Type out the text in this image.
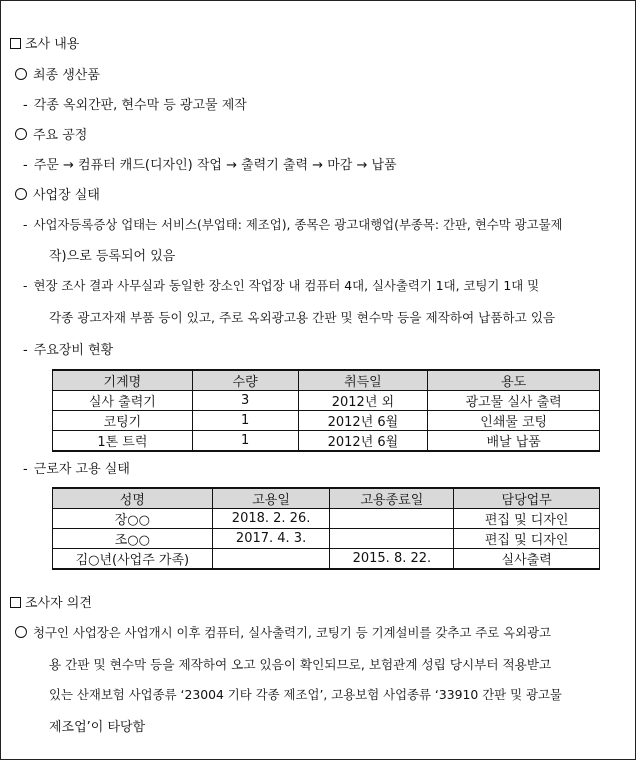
조사 내용
최종 생산품
- 각종 옥외간판, 현수막 등 광고물 제작
주요 공정
- 주문 → 컴퓨터 캐드(디자인) 작업 → 출력기 출력 → 마감 → 납품
사업장 실태
- 사업자등록증상 업태는 서비스(부업태: 제조업), 종목은 광고대행업(부종목: 간판, 현수막 광고물제
작)으로 등록되어 있음
- 현장 조사 결과 사무실과 동일한 장소인 작업장 내 컴퓨터 4대, 실사출력기 1대, 코팅기 1대 및
각종 광고자재 부품 등이 있고, 주로 옥외광고용 간판 및 현수막 등을 제작하여 납품하고 있음
- 주요장비 현황
기계명	수량	취득일	용도
실사 출력기	3	2012년 외	광고물 실사 출력
코팅기	1	2012년 6월	인쇄물 코팅
1톤 트럭	1	2012년 6월	배날 납품
- 근로자 고용 실태
성명	고용일	고용종료일	담당업무
장○○	2018. 2. 26.		편집 및 디자인
조○○	2017. 4. 3.		편집 및 디자인
김○년(사업주 가족)		2015. 8. 22.	실사출력
조사자 의견
청구인 사업장은 사업개시 이후 컴퓨터, 실사출력기, 코팅기 등 기계설비를 갖추고 주로 옥외광고
용 간판 및 현수막 등을 제작하여 오고 있음이 확인되므로, 보험관계 성립 당시부터 적용받고
있는 산재보험 사업종류 ‘23004 기타 각종 제조업’, 고용보험 사업종류 ‘33910 간판 및 광고물
제조업’이 타당함
